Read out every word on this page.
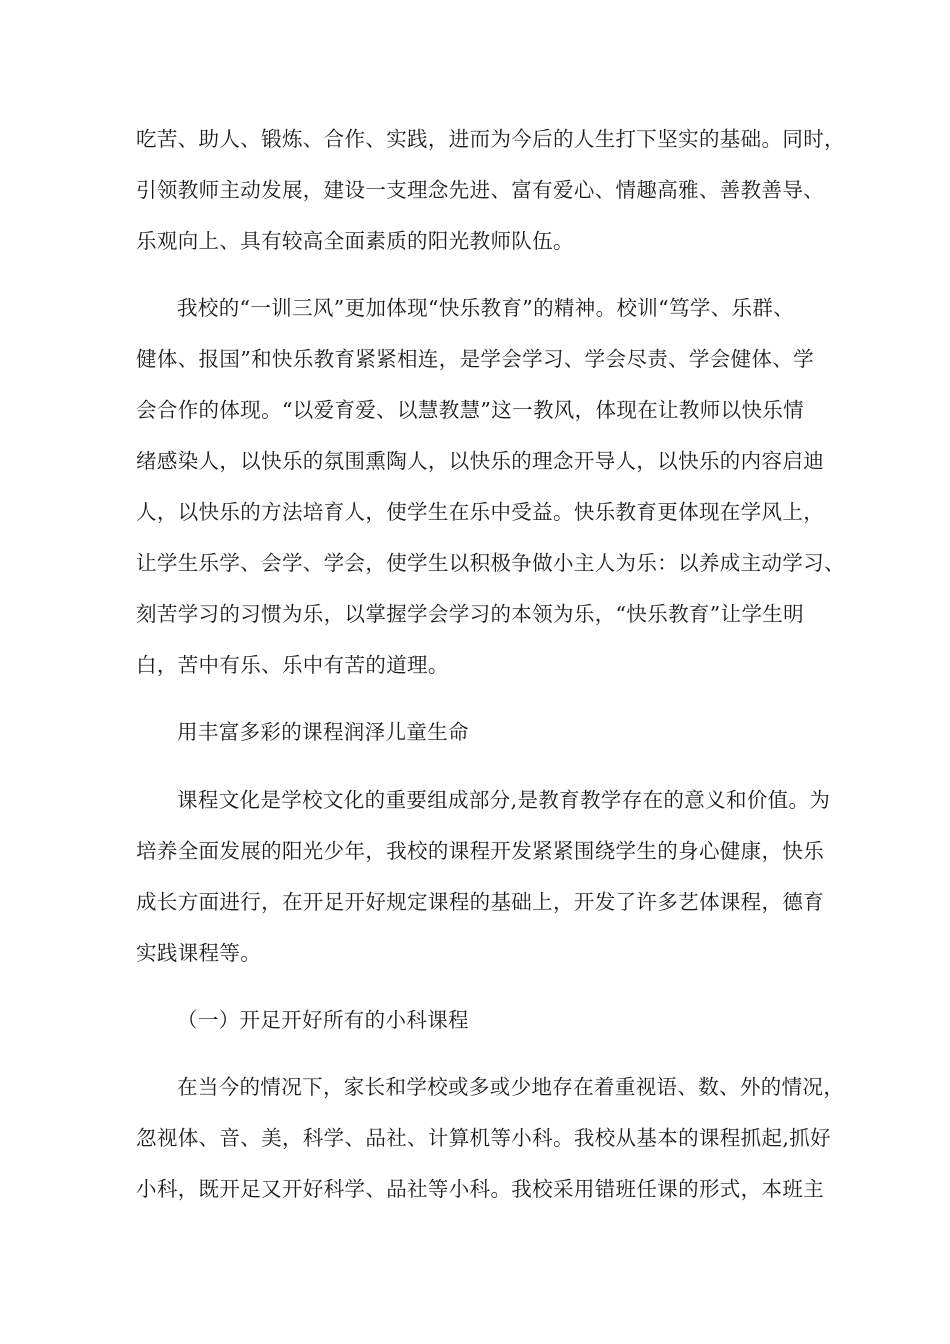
吃苦、助人、锻炼、合作、实践，进而为今后的人生打下坚实的基础。同时，
引领教师主动发展，建设一支理念先进、富有爱心、情趣高雅、善教善导、
乐观向上、具有较高全面素质的阳光教师队伍。
我校的“一训三风”更加体现“快乐教育”的精神。校训“笃学、乐群、
健体、报国”和快乐教育紧紧相连，是学会学习、学会尽责、学会健体、学
会合作的体现。“以爱育爱、以慧教慧”这一教风，体现在让教师以快乐情
绪感染人，以快乐的氛围熏陶人，以快乐的理念开导人，以快乐的内容启迪
人，以快乐的方法培育人，使学生在乐中受益。快乐教育更体现在学风上，
让学生乐学、会学、学会，使学生以积极争做小主人为乐：以养成主动学习、
刻苦学习的习惯为乐，以掌握学会学习的本领为乐，“快乐教育”让学生明
白，苦中有乐、乐中有苦的道理。
用丰富多彩的课程润泽儿童生命
课程文化是学校文化的重要组成部分,是教育教学存在的意义和价值。为
培养全面发展的阳光少年，我校的课程开发紧紧围绕学生的身心健康，快乐
成长方面进行，在开足开好规定课程的基础上，开发了许多艺体课程，德育
实践课程等。
（一）开足开好所有的小科课程
在当今的情况下，家长和学校或多或少地存在着重视语、数、外的情况，
忽视体、音、美，科学、品社、计算机等小科。我校从基本的课程抓起,抓好
小科，既开足又开好科学、品社等小科。我校采用错班任课的形式，本班主
